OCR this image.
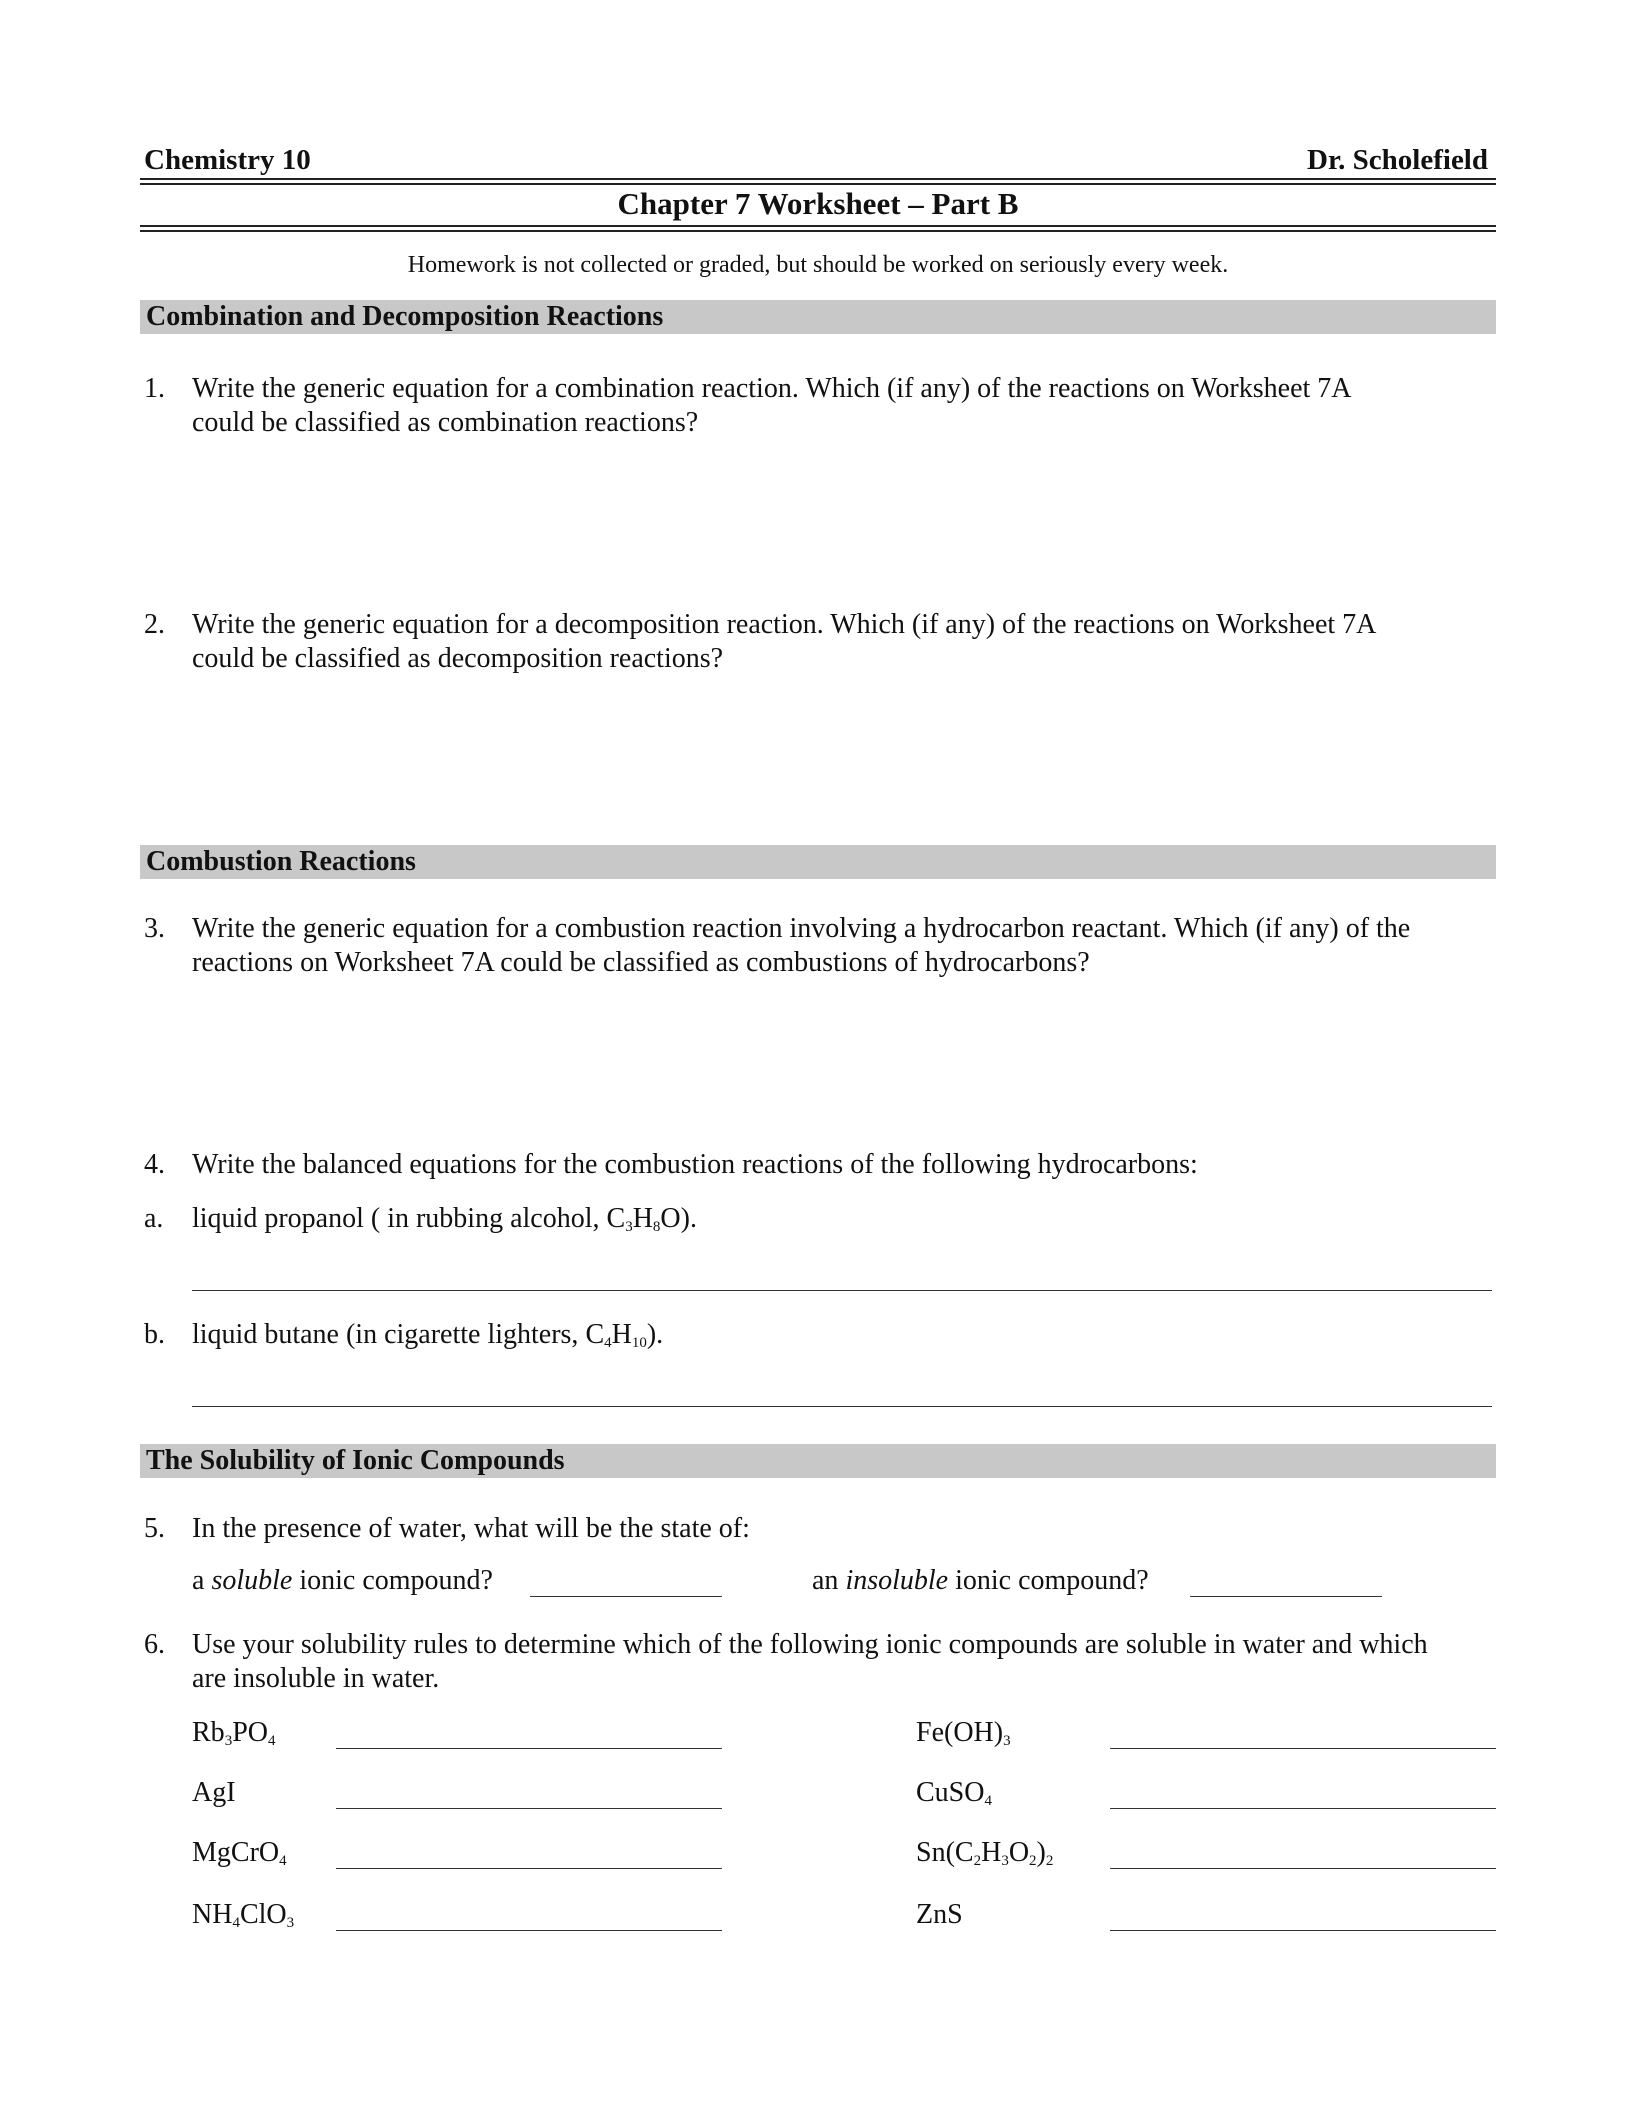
Chemistry 10	Dr. Scholefield
Chapter 7 Worksheet – Part B
Homework is not collected or graded, but should be worked on seriously every week.
Combination and Decomposition Reactions
1. Write the generic equation for a combination reaction. Which (if any) of the reactions on Worksheet 7A
could be classified as combination reactions?
2. Write the generic equation for a decomposition reaction. Which (if any) of the reactions on Worksheet 7A
could be classified as decomposition reactions?
Combustion Reactions
3. Write the generic equation for a combustion reaction involving a hydrocarbon reactant. Which (if any) of the
reactions on Worksheet 7A could be classified as combustions of hydrocarbons?
4. Write the balanced equations for the combustion reactions of the following hydrocarbons:
a. liquid propanol ( in rubbing alcohol, $C_3H_8O$).
b. liquid butane (in cigarette lighters, $C_4H_{10}$).
The Solubility of Ionic Compounds
5. In the presence of water, what will be the state of:
a soluble ionic compound?	an insoluble ionic compound?
6. Use your solubility rules to determine which of the following ionic compounds are soluble in water and which
are insoluble in water.
$Rb_3PO_4$
AgI
MgCrO$_4$
$NH_4ClO_3$
$Fe(OH)_3$
CuSO$_4$
$Sn(C_2H_3O_2)_2$
ZnS
